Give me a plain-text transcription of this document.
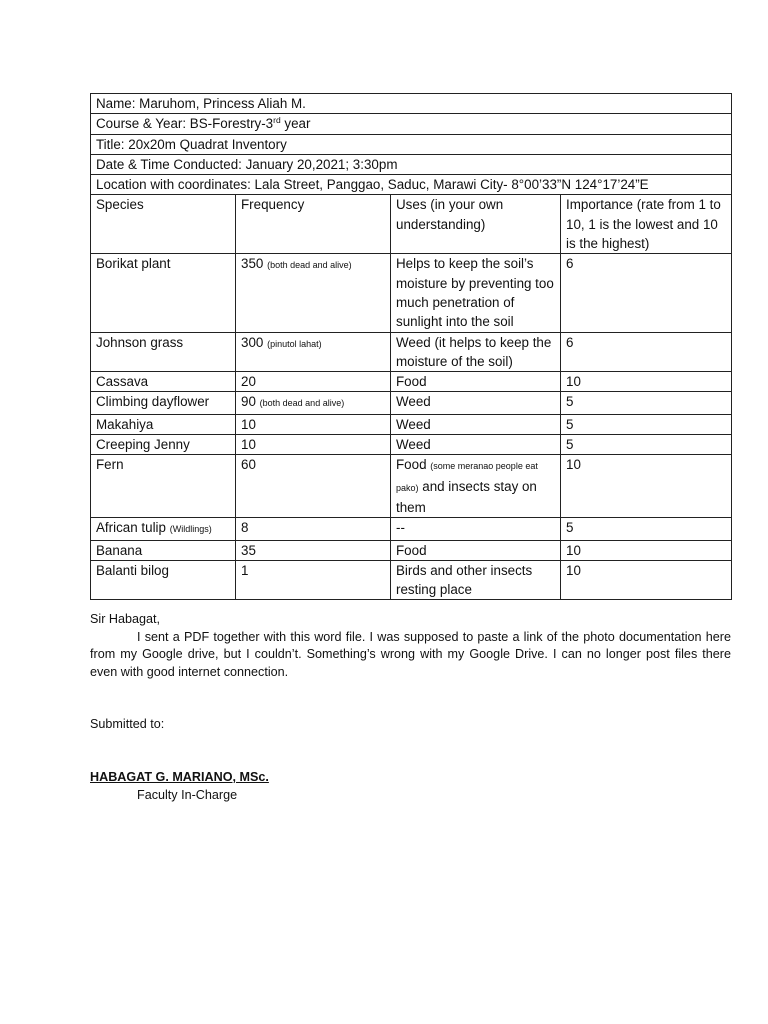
Name: Maruhom, Princess Aliah M.			
Course & Year: BS-Forestry-3rd year			
Title: 20x20m Quadrat Inventory			
Date & Time Conducted: January 20,2021; 3:30pm			
Location with coordinates: Lala Street, Panggao, Saduc, Marawi City- 8°00’33”N 124°17’24”E			
Species	Frequency	Uses (in your own understanding)	Importance (rate from 1 to 10, 1 is the lowest and 10 is the highest)
Borikat plant	350 (both dead and alive)	Helps to keep the soil’s moisture by preventing too much penetration of sunlight into the soil	6
Johnson grass	300 (pinutol lahat)	Weed (it helps to keep the moisture of the soil)	6
Cassava	20	Food	10
Climbing dayflower	90 (both dead and alive)	Weed	5
Makahiya	10	Weed	5
Creeping Jenny	10	Weed	5
Fern	60	Food (some meranao people eat pako) and insects stay on them	10
African tulip (Wildlings)	8	--	5
Banana	35	Food	10
Balanti bilog	1	Birds and other insects resting place	10

Sir Habagat,

I sent a PDF together with this word file. I was supposed to paste a link of the photo documentation here from my Google drive, but I couldn’t. Something’s wrong with my Google Drive. I can no longer post files there even with good internet connection.

Submitted to:

HABAGAT G. MARIANO, MSc.

Faculty In-Charge
